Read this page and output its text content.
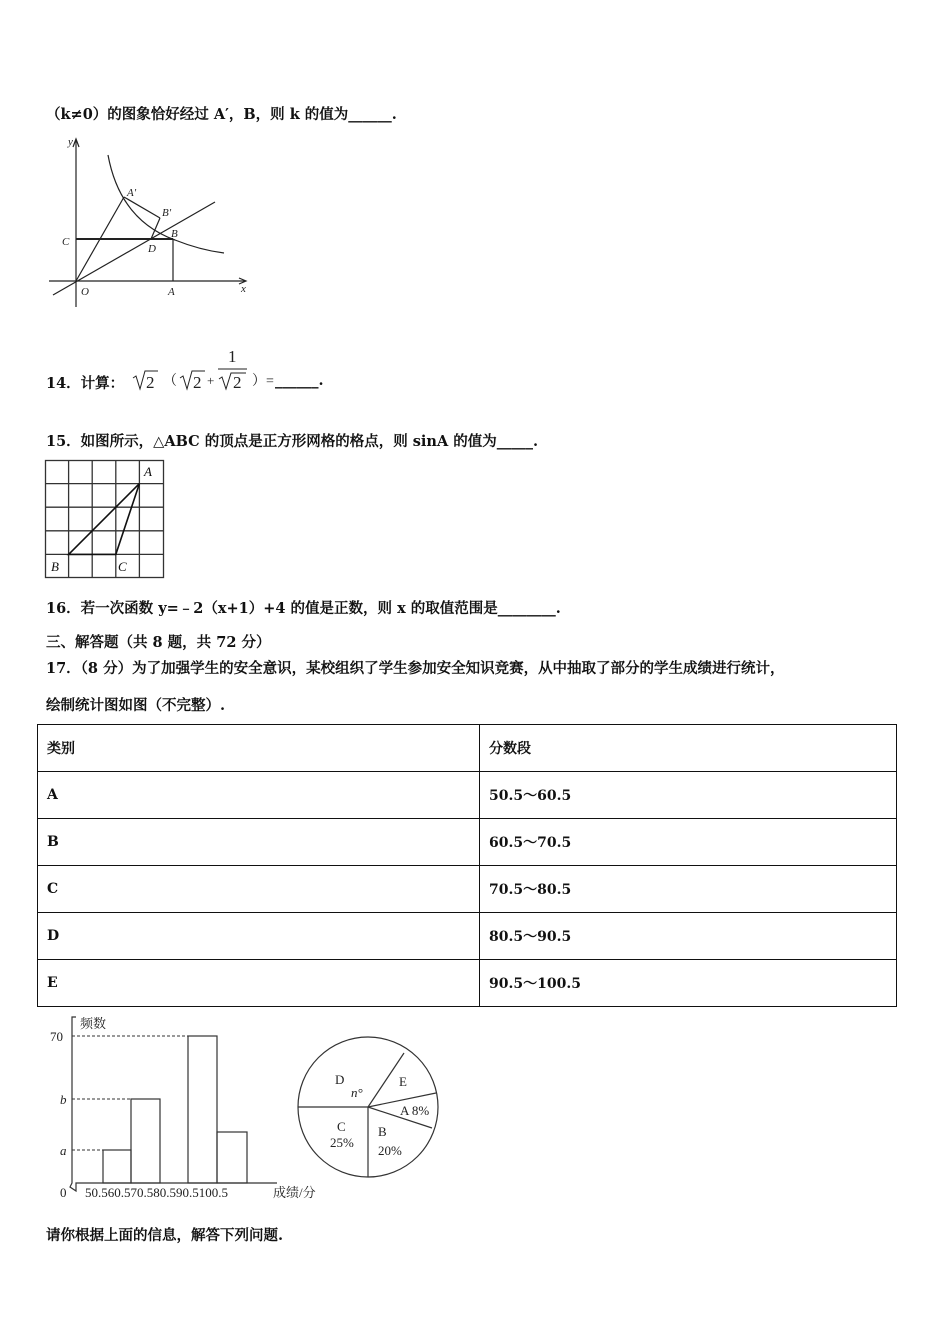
（k≠0）的图象恰好经过 A′，B，则 k 的值为______.
y
x
O	A
B
C
D
A′
B′
14．计算： 2 （ 2 +
1
2 ）= ______.
15．如图所示，△ABC 的顶点是正方形网格的格点，则 sinA 的值为_____.
A
B	C
16．若一次函数 y=﹣2（x+1）+4 的值是正数，则 x 的取值范围是________.
三、解答题（共 8 题，共 72 分）
17．（8 分）为了加强学生的安全意识，某校组织了学生参加安全知识竞赛，从中抽取了部分的学生成绩进行统计，
绘制统计图如图（不完整）.
类别	分数段
A	50.5～60.5
B	60.5～70.5
C	70.5～80.5
D	80.5～90.5
E	90.5～100.5
频数
70
b
a
0 50.560.570.580.590.5100.5	成绩/分
D
n°
E
A 8%
B
20%
C
25%
请你根据上面的信息，解答下列问题.
